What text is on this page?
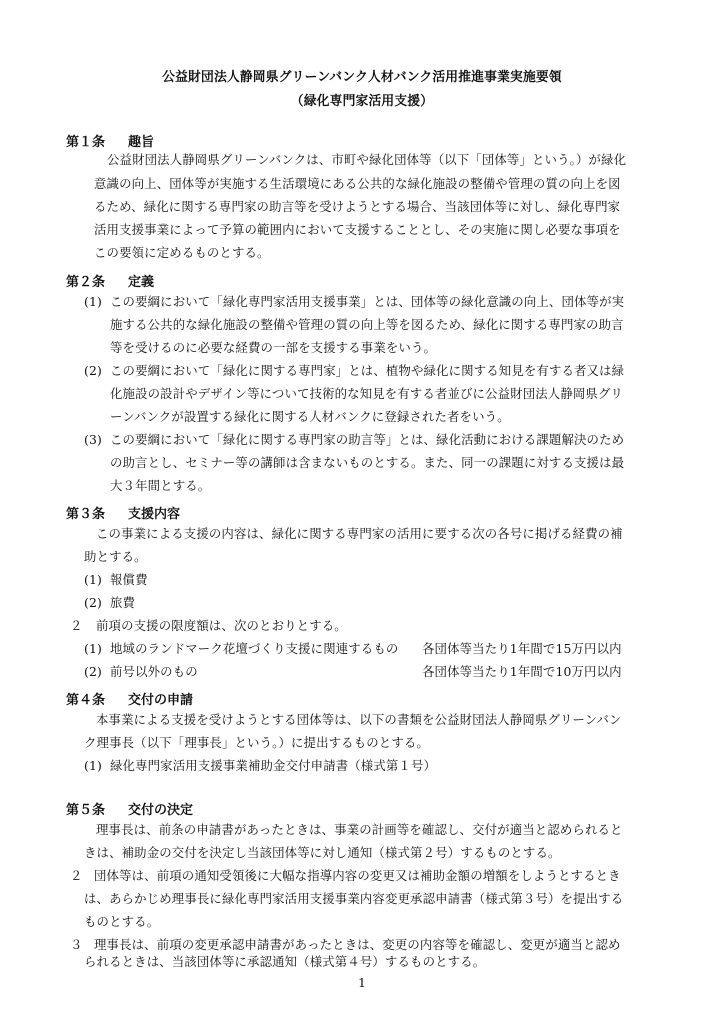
公益財団法人静岡県グリーンバンク人材バンク活用推進事業実施要領
（緑化専門家活用支援）
第１条 趣旨
公益財団法人静岡県グリーンバンクは、市町や緑化団体等（以下「団体等」という。）が緑化
意識の向上、団体等が実施する生活環境にある公共的な緑化施設の整備や管理の質の向上を図
るため、緑化に関する専門家の助言等を受けようとする場合、当該団体等に対し、緑化専門家
活用支援事業によって予算の範囲内において支援することとし、その実施に関し必要な事項を
この要領に定めるものとする。
第２条 定義
(1) この要綱において「緑化専門家活用支援事業」とは、団体等の緑化意識の向上、団体等が実
施する公共的な緑化施設の整備や管理の質の向上等を図るため、緑化に関する専門家の助言
等を受けるのに必要な経費の一部を支援する事業をいう。
(2) この要綱において「緑化に関する専門家」とは、植物や緑化に関する知見を有する者又は緑
化施設の設計やデザイン等について技術的な知見を有する者並びに公益財団法人静岡県グリ
ーンバンクが設置する緑化に関する人材バンクに登録された者をいう。
(3) この要綱において「緑化に関する専門家の助言等」とは、緑化活動における課題解決のため
の助言とし、セミナー等の講師は含まないものとする。また、同一の課題に対する支援は最
大３年間とする。
第３条 支援内容
この事業による支援の内容は、緑化に関する専門家の活用に要する次の各号に掲げる経費の補
助とする。
(1) 報償費
(2) 旅費
２ 前項の支援の限度額は、次のとおりとする。
(1) 地域のランドマーク花壇づくり支援に関連するもの 各団体等当たり1年間で15万円以内
(2) 前号以外のもの	各団体等当たり1年間で10万円以内
第４条 交付の申請
本事業による支援を受けようとする団体等は、以下の書類を公益財団法人静岡県グリーンバン
ク理事長（以下「理事長」という。）に提出するものとする。
(1) 緑化専門家活用支援事業補助金交付申請書（様式第１号）
第５条 交付の決定
理事長は、前条の申請書があったときは、事業の計画等を確認し、交付が適当と認められると
きは、補助金の交付を決定し当該団体等に対し通知（様式第２号）するものとする。
２ 団体等は、前項の通知受領後に大幅な指導内容の変更又は補助金額の増額をしようとするとき
は、あらかじめ理事長に緑化専門家活用支援事業内容変更承認申請書（様式第３号）を提出する
ものとする。
３ 理事長は、前項の変更承認申請書があったときは、変更の内容等を確認し、変更が適当と認め
られるときは、当該団体等に承認通知（様式第４号）するものとする。
1
